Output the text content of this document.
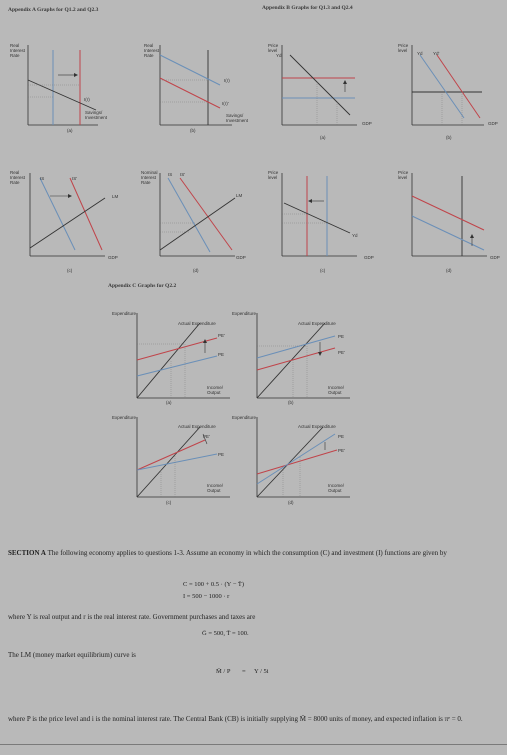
Appendix A Graphs for Q1.2 and Q2.3	Appendix B Graphs for Q1.3 and Q2.4
Real Interest Rate
Savings/ Investment
I(r)
(a)
Real Interest Rate
Savings/ Investment
I(r)
I(r)'
(b)
Price level
GDP
Yd
(a)
Price level
GDP
Yd Yd'
(b)
Real Interest Rate
IS	IS'
LM
GDP
(c)
Nominal Interest Rate
IS IS'
LM
GDP
(d)
Price level
Yd
GDP
(c)
Price level
GDP
(d)
Appendix C Graphs for Q2.2
Expenditure
Actual Expenditure
PE'
PE
Income/ Output
(a)
Expenditure
Actual Expenditure
PE
PE'
Income/ Output
(b)
Expenditure
Actual Expenditure
PE'
PE
Income/ Output
(c)
Expenditure
Actual Expenditure
PE
PE'
Income/ Output
(d)
SECTION A The following economy applies to questions 1-3. Assume an economy in which the consumption (C) and investment (I) functions are given by
C = 100 + 0.5 · (Y − T̄)
I = 500 − 1000 · r
where Y is real output and r is the real interest rate. Government purchases and taxes are
Ḡ = 500, T̄ = 100.
The LM (money market equilibrium) curve is
M̄ / P = Y / 5i
where P is the price level and i is the nominal interest rate. The Central Bank (CB) is initially supplying M̄ = 8000 units of money, and expected inflation is πᵉ = 0.
